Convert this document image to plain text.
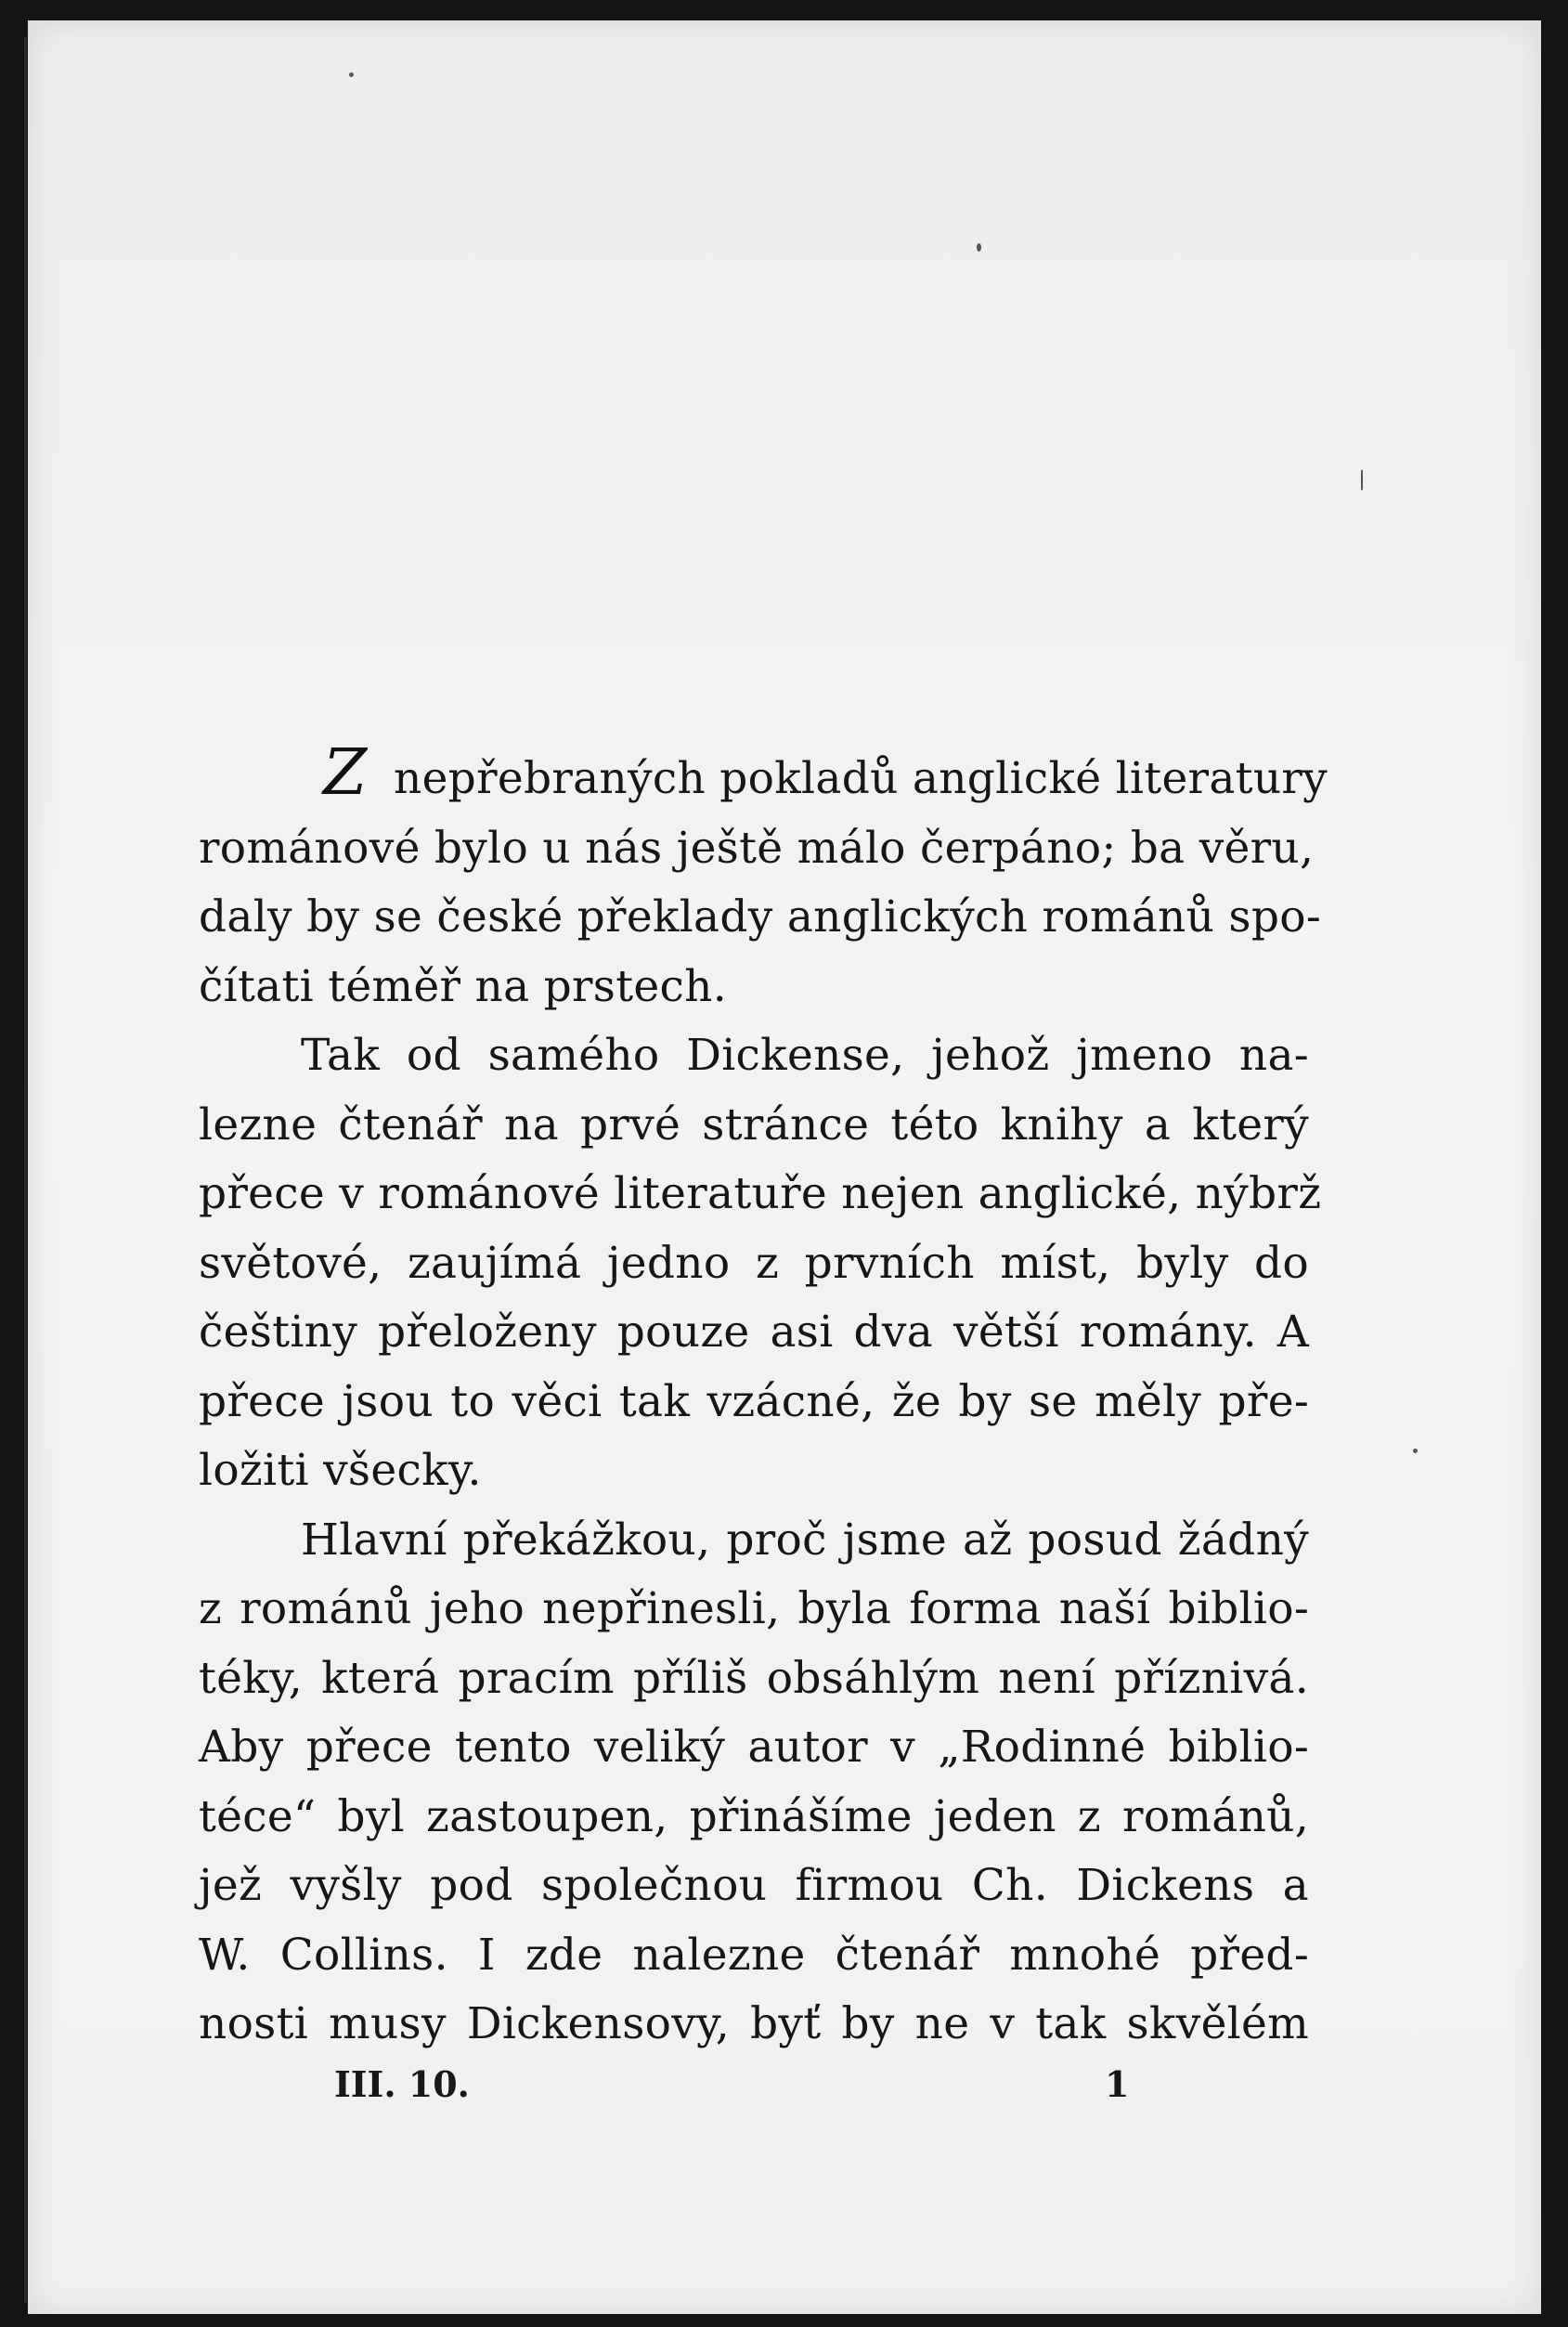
Z nepřebraných pokladů anglické literatury
románové bylo u nás ještě málo čerpáno; ba věru,
daly by se české překlady anglických románů spo-
čítati téměř na prstech.
Tak od samého Dickense, jehož jmeno na-
lezne čtenář na prvé stránce této knihy a který
přece v románové literatuře nejen anglické, nýbrž
světové, zaujímá jedno z prvních míst, byly do
češtiny přeloženy pouze asi dva větší romány. A
přece jsou to věci tak vzácné, že by se měly pře-
ložiti všecky.
Hlavní překážkou, proč jsme až posud žádný
z románů jeho nepřinesli, byla forma naší biblio-
téky, která pracím příliš obsáhlým není příznivá.
Aby přece tento veliký autor v „Rodinné biblio-
téce“ byl zastoupen, přinášíme jeden z románů,
jež vyšly pod společnou firmou Ch. Dickens a
W. Collins. I zde nalezne čtenář mnohé před-
nosti musy Dickensovy, byť by ne v tak skvělém
III. 10.	1
